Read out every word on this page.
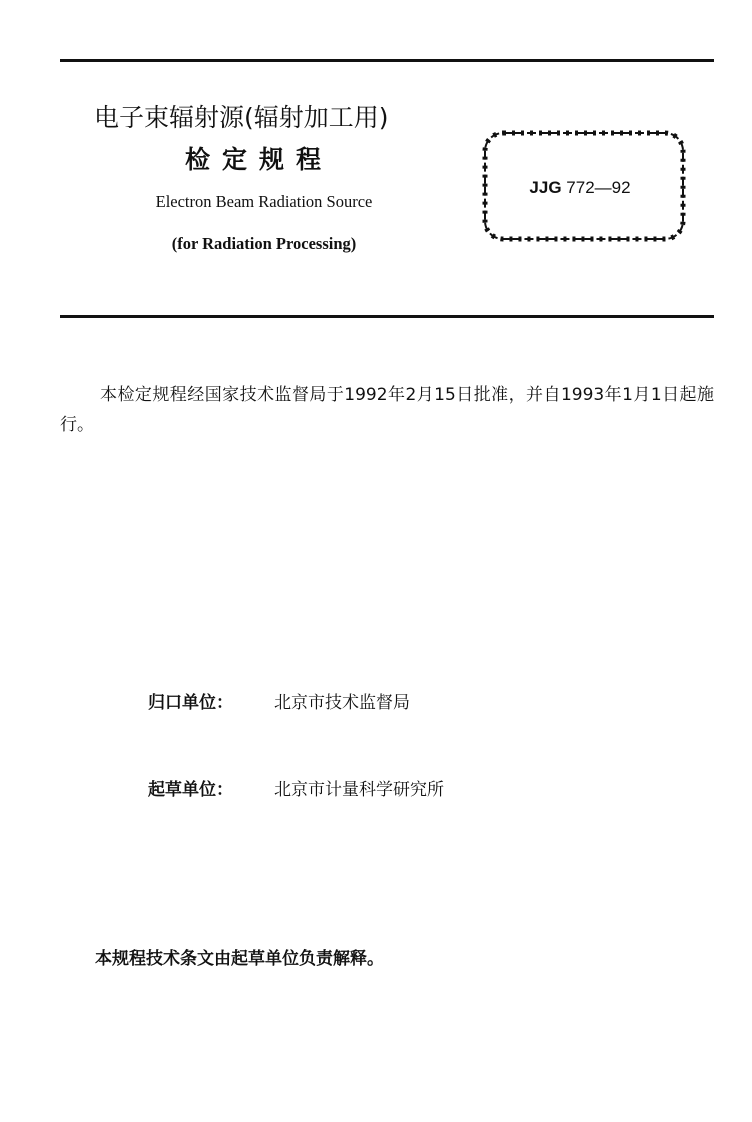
电子束辐射源(辐射加工用)
检定规程
Electron Beam Radiation Source
(for Radiation Processing)
JJG 772—92

本检定规程经国家技术监督局于1992年2月15日批准，并自1993年1月1日起施行。

归口单位： 北京市技术监督局
起草单位： 北京市计量科学研究所
本规程技术条文由起草单位负责解释。
